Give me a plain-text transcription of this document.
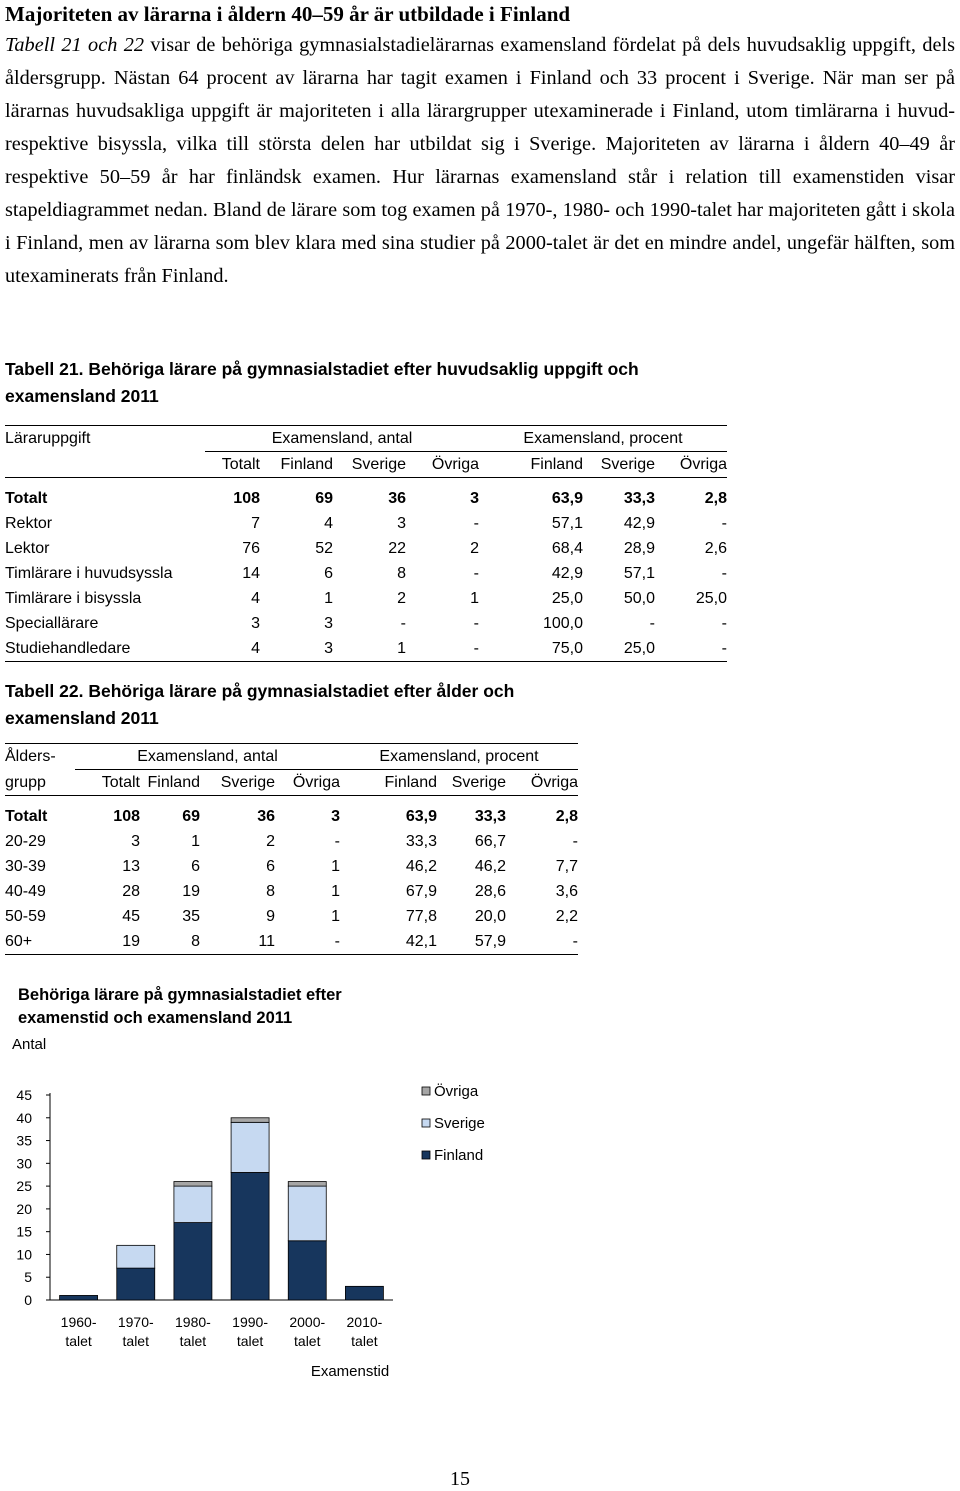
Majoriteten av lärarna i åldern 40–59 år är utbildade i Finland

Tabell 21 och 22 visar de behöriga gymnasialstadielärarnas examensland fördelat på dels huvudsaklig uppgift, dels åldersgrupp. Nästan 64 procent av lärarna har tagit examen i Finland och 33 procent i Sverige. När man ser på lärarnas huvudsakliga uppgift är majoriteten i alla lärargrupper utexaminerade i Finland, utom timlärarna i huvud- respektive bisyssla, vilka till största delen har utbildat sig i Sverige. Majoriteten av lärarna i åldern 40–49 år respektive 50–59 år har finländsk examen. Hur lärarnas examensland står i relation till examenstiden visar stapeldiagrammet nedan. Bland de lärare som tog examen på 1970-, 1980- och 1990-talet har majoriteten gått i skola i Finland, men av lärarna som blev klara med sina studier på 2000-talet är det en mindre andel, ungefär hälften, som utexaminerats från Finland.

Tabell 21. Behöriga lärare på gymnasialstadiet efter huvudsaklig uppgift och examensland 2011

Läraruppgift	Examensland, antal				Examensland, procent		
	Totalt	Finland	Sverige	Övriga	Finland	Sverige	Övriga

Totalt	108	69	36	3	63,9	33,3	2,8
Rektor	7	4	3	-	57,1	42,9	-
Lektor	76	52	22	2	68,4	28,9	2,6
Timlärare i huvudsyssla	14	6	8	-	42,9	57,1	-
Timlärare i bisyssla	4	1	2	1	25,0	50,0	25,0
Speciallärare	3	3	-	-	100,0	-	-
Studiehandledare	4	3	1	-	75,0	25,0	-

Tabell 22. Behöriga lärare på gymnasialstadiet efter ålder och examensland 2011

Ålders-	Examensland, antal				Examensland, procent		
grupp	Totalt	Finland	Sverige	Övriga	Finland	Sverige	Övriga

Totalt	108	69	36	3	63,9	33,3	2,8
20-29	3	1	2	-	33,3	66,7	-
30-39	13	6	6	1	46,2	46,2	7,7
40-49	28	19	8	1	67,9	28,6	3,6
50-59	45	35	9	1	77,8	20,0	2,2
60+	19	8	11	-	42,1	57,9	-
Behöriga lärare på gymnasialstadiet efter
examenstid och examensland 2011
Antal
0
5
10
15
20
25
30
35
40
45
1960-
talet
1970-
talet
1980-
talet
1990-
talet
2000-
talet
2010-
talet
Examenstid
Övriga
Sverige
Finland

15
